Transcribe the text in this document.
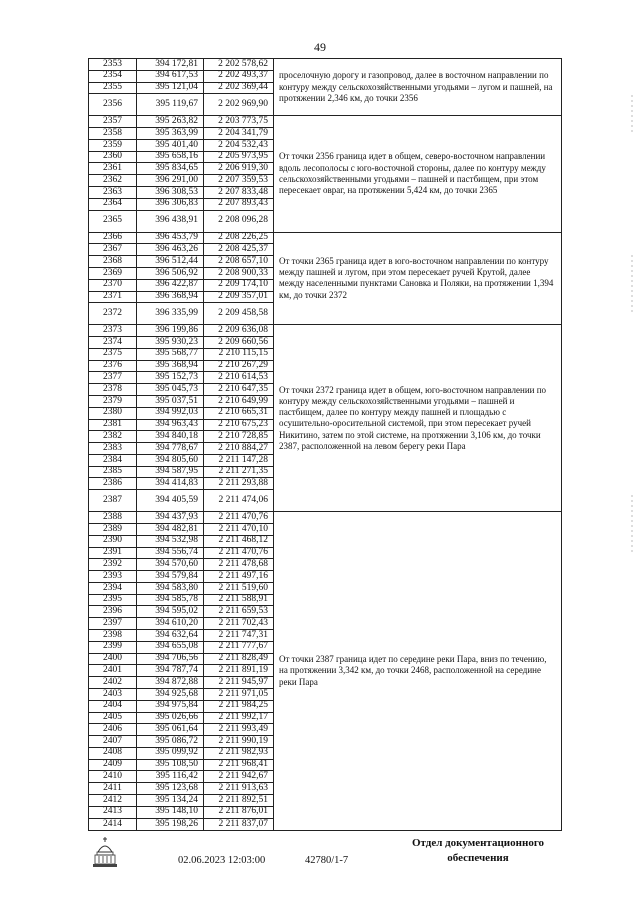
49
2353	394 172,81	2 202 578,62	проселочную дорогу и газопровод, далее в восточном направлении по контуру между сельскохозяйственными угодьями – лугом и пашней, на протяжении 2,346 км, до точки 2356
2354	394 617,53	2 202 493,37	
2355	395 121,04	2 202 369,44	
2356	395 119,67	2 202 969,90	
2357	395 263,82	2 203 773,75	От точки 2356 граница идет в общем, северо-восточном направлении вдоль лесополосы с юго-восточной стороны, далее по контуру между сельскохозяйственными угодьями – пашней и пастбищем, при этом пересекает овраг, на протяжении 5,424 км, до точки 2365
2358	395 363,99	2 204 341,79	
2359	395 401,40	2 204 532,43	
2360	395 658,16	2 205 973,95	
2361	395 834,65	2 206 919,30	
2362	396 291,00	2 207 359,53	
2363	396 308,53	2 207 833,48	
2364	396 306,83	2 207 893,43	
2365	396 438,91	2 208 096,28	
2366	396 453,79	2 208 226,25	От точки 2365 граница идет в юго-восточном направлении по контуру между пашней и лугом, при этом пересекает ручей Крутой, далее между населенными пунктами Сановка и Поляки, на протяжении 1,394 км, до точки 2372
2367	396 463,26	2 208 425,37	
2368	396 512,44	2 208 657,10	
2369	396 506,92	2 208 900,33	
2370	396 422,87	2 209 174,10	
2371	396 368,94	2 209 357,01	
2372	396 335,99	2 209 458,58	
2373	396 199,86	2 209 636,08	От точки 2372 граница идет в общем, юго-восточном направлении по контуру между сельскохозяйственными угодьями – пашней и пастбищем, далее по контуру между пашней и площадью с осушительно-оросительной системой, при этом пересекает ручей Никитино, затем по этой системе, на протяжении 3,106 км, до точки 2387, расположенной на левом берегу реки Пара
2374	395 930,23	2 209 660,56	
2375	395 568,77	2 210 115,15	
2376	395 368,94	2 210 267,29	
2377	395 152,73	2 210 614,53	
2378	395 045,73	2 210 647,35	
2379	395 037,51	2 210 649,99	
2380	394 992,03	2 210 665,31	
2381	394 963,43	2 210 675,23	
2382	394 840,18	2 210 728,85	
2383	394 778,67	2 210 884,27	
2384	394 805,60	2 211 147,28	
2385	394 587,95	2 211 271,35	
2386	394 414,83	2 211 293,88	
2387	394 405,59	2 211 474,06	
2388	394 437,93	2 211 470,76	От точки 2387 граница идет по середине реки Пара, вниз по течению, на протяжении 3,342 км, до точки 2468, расположенной на середине реки Пара
2389	394 482,81	2 211 470,10	
2390	394 532,98	2 211 468,12	
2391	394 556,74	2 211 470,76	
2392	394 570,60	2 211 478,68	
2393	394 579,84	2 211 497,16	
2394	394 583,80	2 211 519,60	
2395	394 585,78	2 211 588,91	
2396	394 595,02	2 211 659,53	
2397	394 610,20	2 211 702,43	
2398	394 632,64	2 211 747,31	
2399	394 655,08	2 211 777,67	
2400	394 706,56	2 211 828,49	
2401	394 787,74	2 211 891,19	
2402	394 872,88	2 211 945,97	
2403	394 925,68	2 211 971,05	
2404	394 975,84	2 211 984,25	
2405	395 026,66	2 211 992,17	
2406	395 061,64	2 211 993,49	
2407	395 086,72	2 211 990,19	
2408	395 099,92	2 211 982,93	
2409	395 108,50	2 211 968,41	
2410	395 116,42	2 211 942,67	
2411	395 123,68	2 211 913,63	
2412	395 134,24	2 211 892,51	
2413	395 148,10	2 211 876,01	
2414	395 198,26	2 211 837,07	
02.06.2023 12:03:00	42780/1-7
Отдел документационного
обеспечения
